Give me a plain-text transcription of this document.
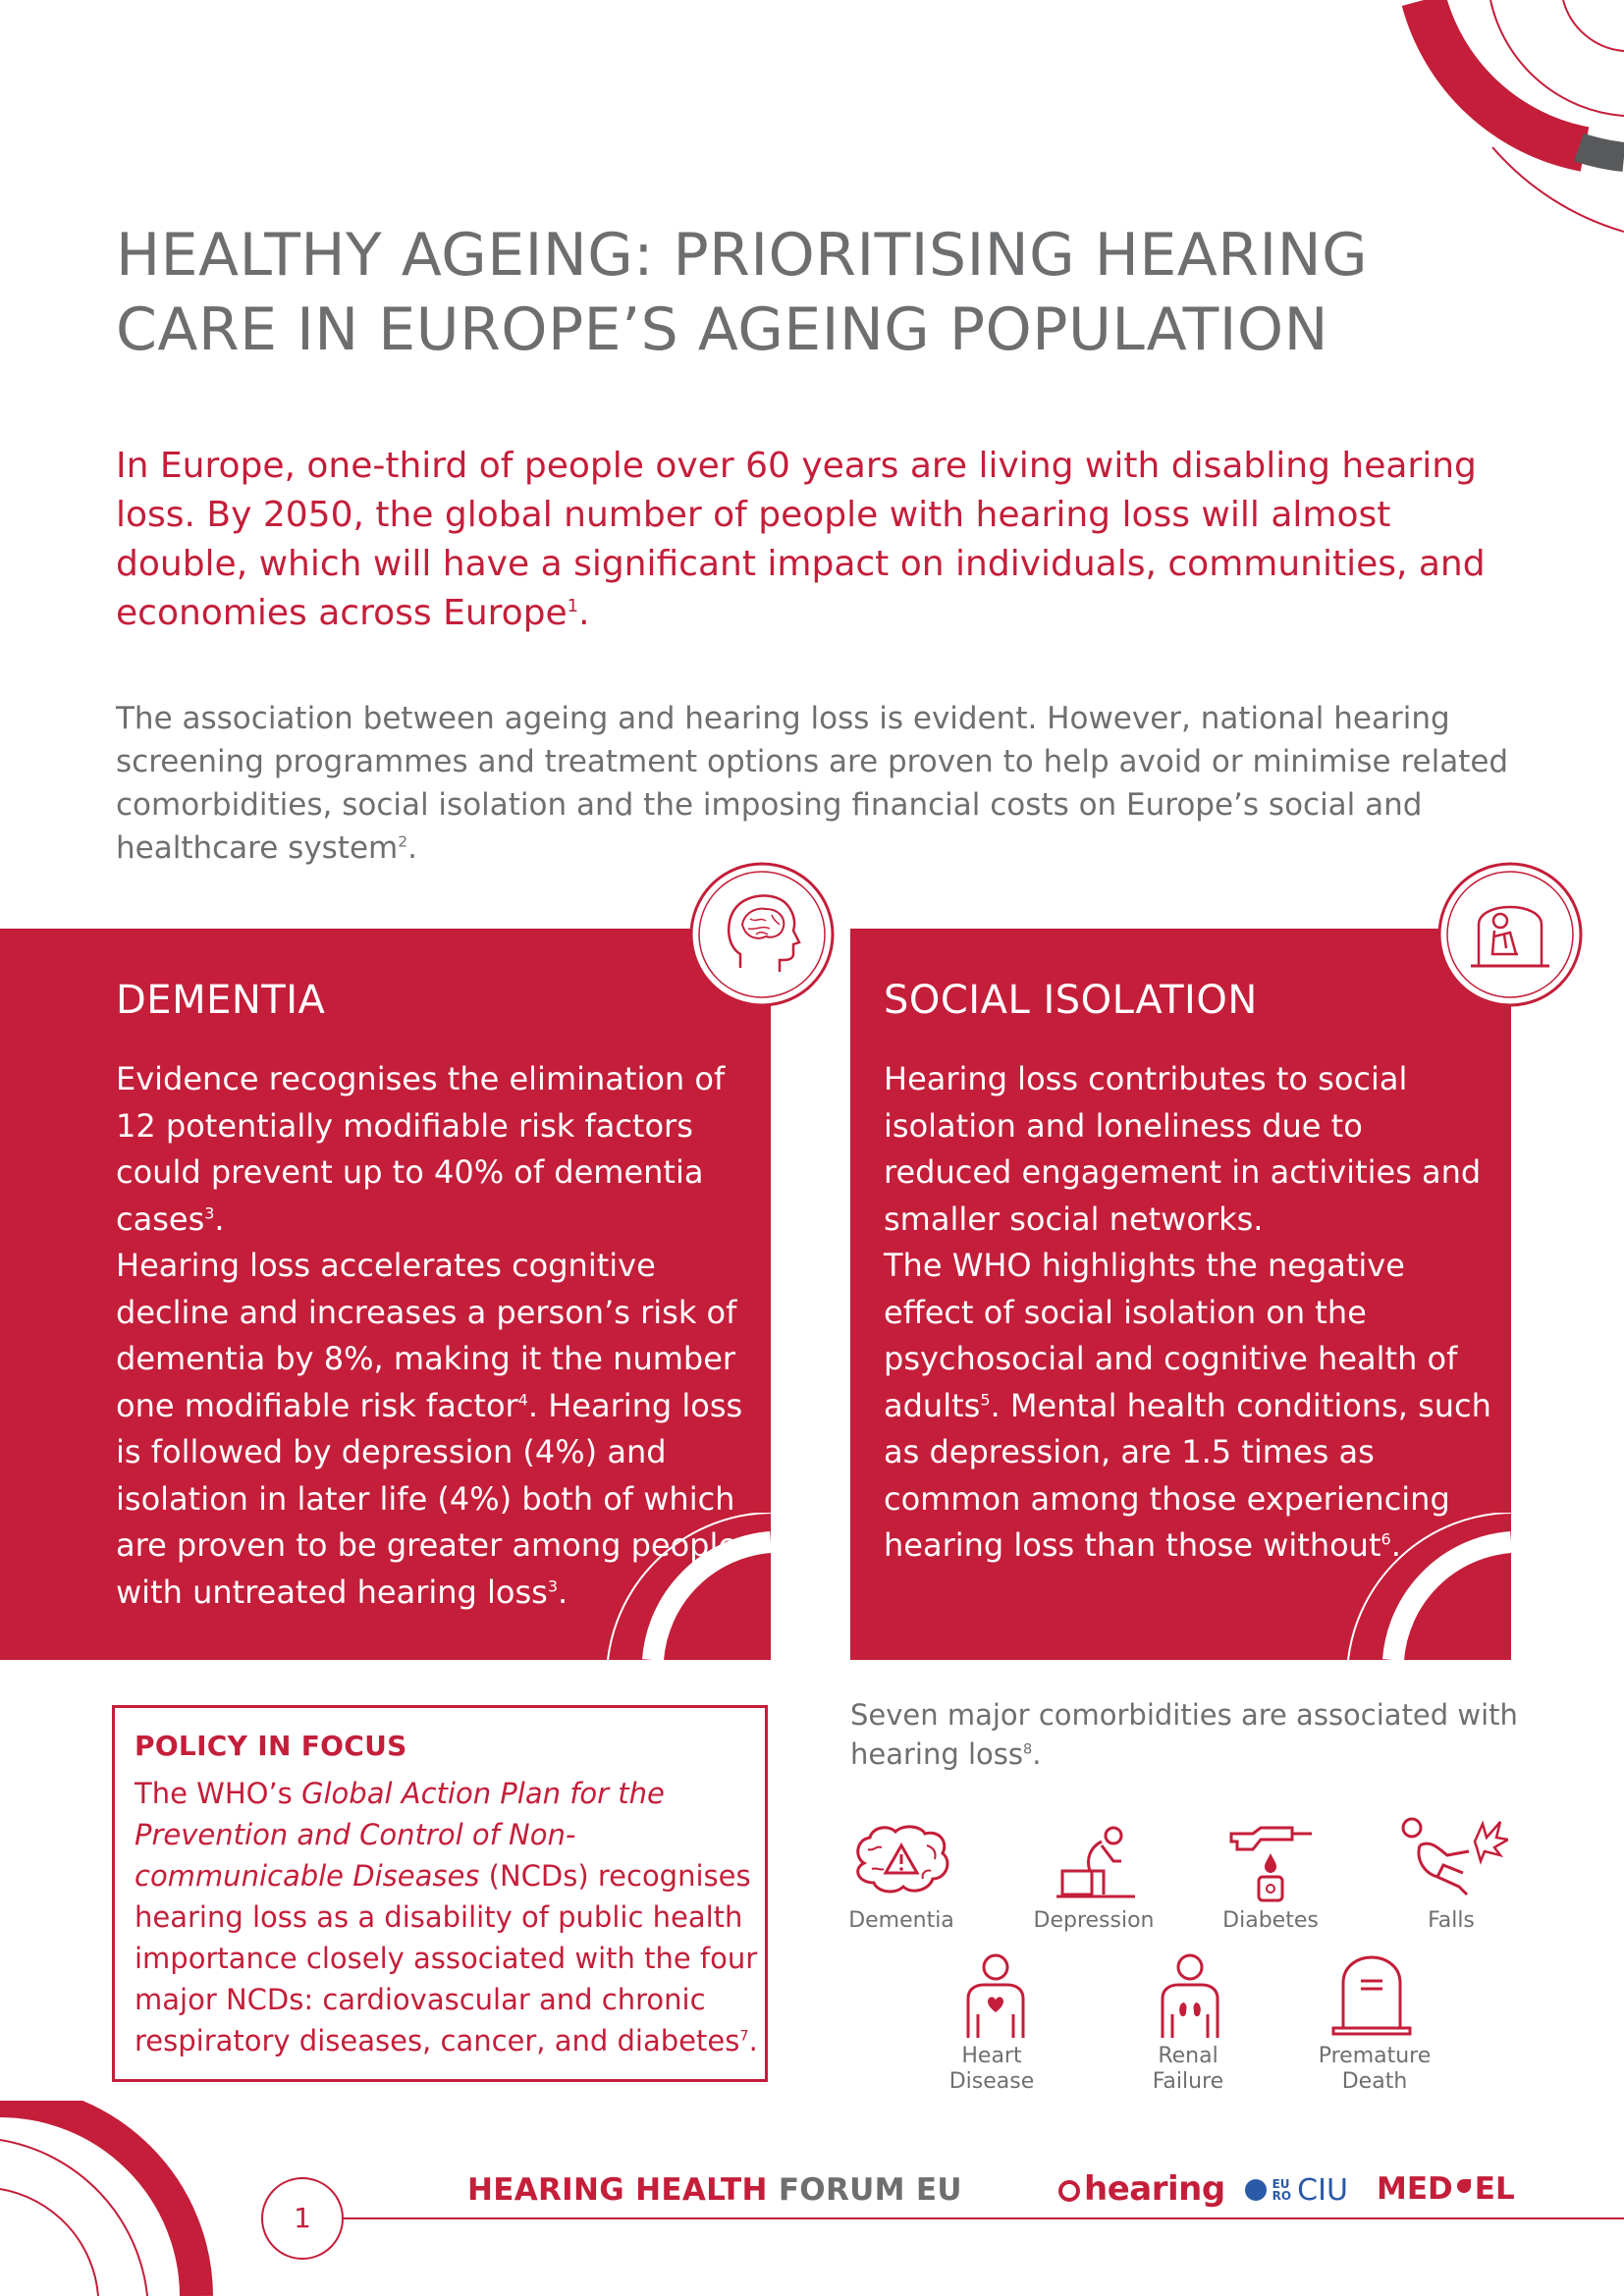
HEALTHY AGEING: PRIORITISING HEARING
CARE IN EUROPE’S AGEING POPULATION

In Europe, one-third of people over 60 years are living with disabling hearing loss. By 2050, the global number of people with hearing loss will almost double, which will have a significant impact on individuals, communities, and economies across Europe$^1$.

The association between ageing and hearing loss is evident. However, national hearing screening programmes and treatment options are proven to help avoid or minimise related comorbidities, social isolation and the imposing financial costs on Europe’s social and healthcare system$^2$.

DEMENTIA

Evidence recognises the elimination of 12 potentially modifiable risk factors could prevent up to 40% of dementia cases$^3$.

Hearing loss accelerates cognitive decline and increases a person’s risk of dementia by 8%, making it the number one modifiable risk factor$^4$. Hearing loss is followed by depression (4%) and isolation in later life (4%) both of which are proven to be greater among people with untreated hearing loss$^3$.

SOCIAL ISOLATION

Hearing loss contributes to social isolation and loneliness due to reduced engagement in activities and smaller social networks.

The WHO highlights the negative effect of social isolation on the psychosocial and cognitive health of adults$^5$. Mental health conditions, such as depression, are 1.5 times as common among those experiencing hearing loss than those without$^6$.

POLICY IN FOCUS

The WHO’s Global Action Plan for the Prevention and Control of Non-communicable Diseases (NCDs) recognises hearing loss as a disability of public health importance closely associated with the four major NCDs: cardiovascular and chronic respiratory diseases, cancer, and diabetes$^7$.

Seven major comorbidities are associated with hearing loss$^8$.

Dementia	Depression	Diabetes	Falls
Heart
Disease
Renal
Failure
Premature
Death
1
HEARING HEALTH FORUM EU	hearing	EU RO CIU MED EL
